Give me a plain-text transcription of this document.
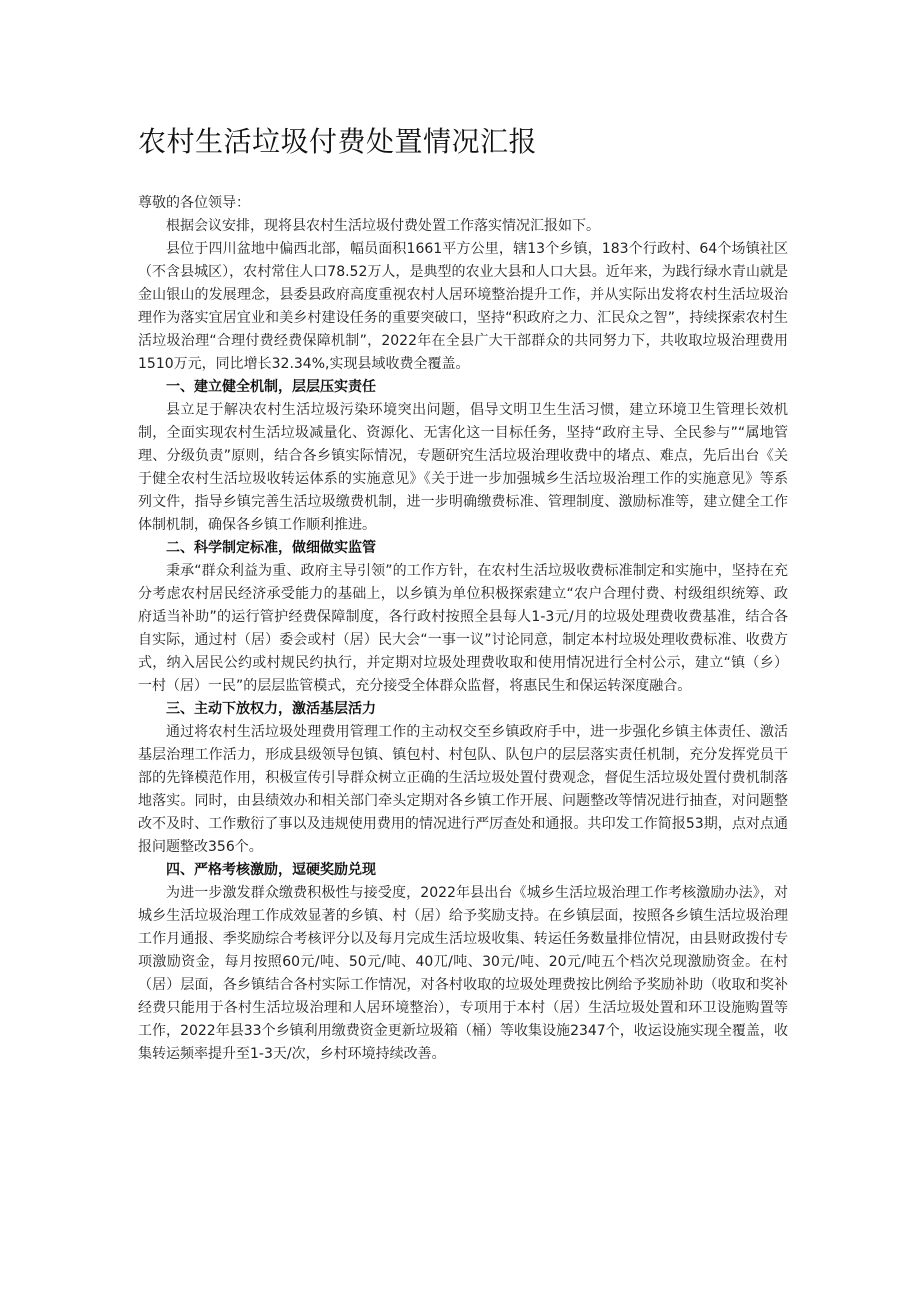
农村生活垃圾付费处置情况汇报

尊敬的各位领导：

根据会议安排，现将县农村生活垃圾付费处置工作落实情况汇报如下。

县位于四川盆地中偏西北部，幅员面积1661平方公里，辖13个乡镇，183个行政村、64个场镇社区（不含县城区），农村常住人口78.52万人，是典型的农业大县和人口大县。近年来，为践行绿水青山就是金山银山的发展理念，县委县政府高度重视农村人居环境整治提升工作，并从实际出发将农村生活垃圾治理作为落实宜居宜业和美乡村建设任务的重要突破口，坚持“积政府之力、汇民众之智”，持续探索农村生活垃圾治理“合理付费经费保障机制”，2022年在全县广大干部群众的共同努力下，共收取垃圾治理费用1510万元，同比增长32.34%,实现县域收费全覆盖。

一、建立健全机制，层层压实责任

县立足于解决农村生活垃圾污染环境突出问题，倡导文明卫生生活习惯，建立环境卫生管理长效机制，全面实现农村生活垃圾减量化、资源化、无害化这一目标任务，坚持“政府主导、全民参与”“属地管理、分级负责”原则，结合各乡镇实际情况，专题研究生活垃圾治理收费中的堵点、难点，先后出台《关于健全农村生活垃圾收转运体系的实施意见》《关于进一步加强城乡生活垃圾治理工作的实施意见》等系列文件，指导乡镇完善生活垃圾缴费机制，进一步明确缴费标准、管理制度、激励标准等，建立健全工作体制机制，确保各乡镇工作顺利推进。

二、科学制定标准，做细做实监管

秉承“群众利益为重、政府主导引领”的工作方针，在农村生活垃圾收费标准制定和实施中，坚持在充分考虑农村居民经济承受能力的基础上，以乡镇为单位积极探索建立“农户合理付费、村级组织统筹、政府适当补助”的运行管护经费保障制度，各行政村按照全县每人1-3元/月的垃圾处理费收费基准，结合各自实际，通过村（居）委会或村（居）民大会“一事一议”讨论同意，制定本村垃圾处理收费标准、收费方式，纳入居民公约或村规民约执行，并定期对垃圾处理费收取和使用情况进行全村公示，建立“镇（乡）一村（居）一民”的层层监管模式，充分接受全体群众监督，将惠民生和保运转深度融合。

三、主动下放权力，激活基层活力

通过将农村生活垃圾处理费用管理工作的主动权交至乡镇政府手中，进一步强化乡镇主体责任、激活基层治理工作活力，形成县级领导包镇、镇包村、村包队、队包户的层层落实责任机制，充分发挥党员干部的先锋模范作用，积极宣传引导群众树立正确的生活垃圾处置付费观念，督促生活垃圾处置付费机制落地落实。同时，由县绩效办和相关部门牵头定期对各乡镇工作开展、问题整改等情况进行抽查，对问题整改不及时、工作敷衍了事以及违规使用费用的情况进行严厉查处和通报。共印发工作简报53期，点对点通报问题整改356个。

四、严格考核激励，逗硬奖励兑现

为进一步激发群众缴费积极性与接受度，2022年县出台《城乡生活垃圾治理工作考核激励办法》，对城乡生活垃圾治理工作成效显著的乡镇、村（居）给予奖励支持。在乡镇层面，按照各乡镇生活垃圾治理工作月通报、季奖励综合考核评分以及每月完成生活垃圾收集、转运任务数量排位情况，由县财政拨付专项激励资金，每月按照60元/吨、50元/吨、40兀/吨、30元/吨、20元/吨五个档次兑现激励资金。在村（居）层面，各乡镇结合各村实际工作情况，对各村收取的垃圾处理费按比例给予奖励补助（收取和奖补经费只能用于各村生活垃圾治理和人居环境整治），专项用于本村（居）生活垃圾处置和环卫设施购置等工作，2022年县33个乡镇利用缴费资金更新垃圾箱（桶）等收集设施2347个，收运设施实现全覆盖，收集转运频率提升至1-3天/次，乡村环境持续改善。
